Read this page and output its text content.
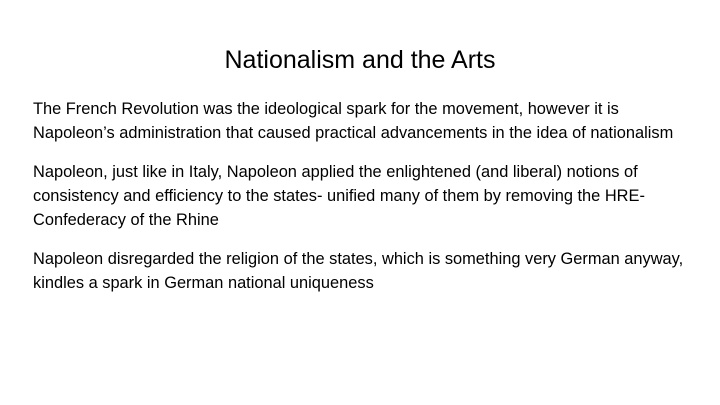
Nationalism and the Arts

The French Revolution was the ideological spark for the movement, however it is Napoleon’s administration that caused practical advancements in the idea of nationalism

Napoleon, just like in Italy, Napoleon applied the enlightened (and liberal) notions of consistency and efficiency to the states- unified many of them by removing the HRE- Confederacy of the Rhine

Napoleon disregarded the religion of the states, which is something very German anyway, kindles a spark in German national uniqueness
